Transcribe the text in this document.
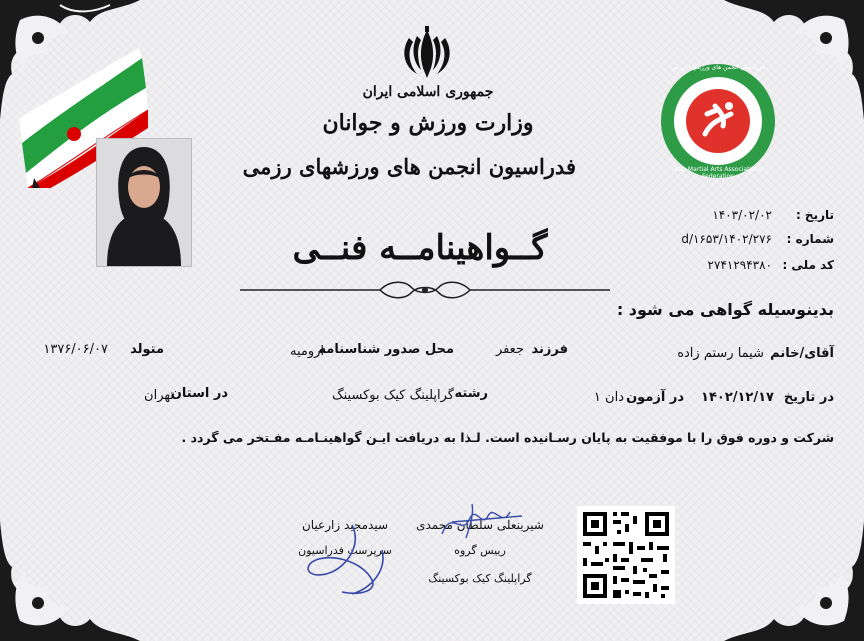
جمهوری اسلامی ایران
وزارت ورزش و جوانان
فدراسیون انجمن های ورزشهای رزمی
فدراسیون انجمن های ورزشهای رزمی
Iran Martial Arts Associations Federation
تاریخ :
۱۴۰۳/۰۲/۰۲
شماره :
۱۴۰۲/۲۷۶/d/۱۶۵۳
کد ملی :
۲۷۴۱۲۹۴۳۸۰
گــواهینامــه فنــی
بدینوسیله گواهی می شود :
آقای/خانم
شیما رستم زاده
فرزند
جعفر
محل صدور شناسنامه
ارومیه
متولد
۱۳۷۶/۰۶/۰۷
در تاریخ
۱۴۰۲/۱۲/۱۷
در آزمون
دان ۱
رشته
گراپلینگ کیک بوکسینگ
در استان
تهران
شرکت و دوره فوق را با موفقیت به پایان رسـانیده است. لـذا به دریافت ایـن گواهینـامـه مفـتخر می گردد .
سیدمجید زارعیان
سرپرست فدراسیون
شیرینعلی سلطان محمدی
رییس گروه
گراپلینگ کیک بوکسینگ
